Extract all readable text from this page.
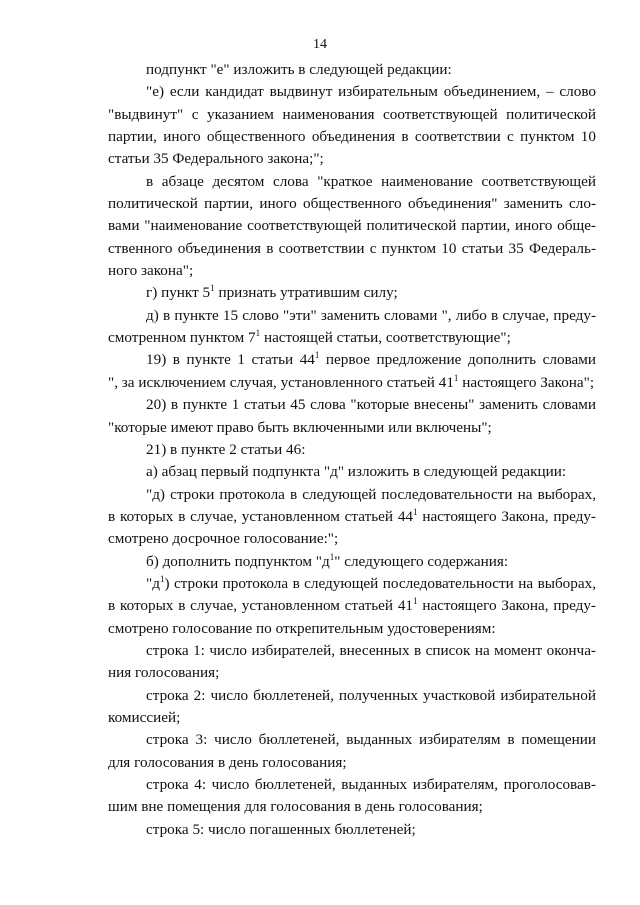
14

подпункт "е" изложить в следующей редакции:

"е) если кандидат выдвинут избирательным объединением, – слово
"выдвинут" с указанием наименования соответствующей политической
партии, иного общественного объединения в соответствии с пунктом 10
статьи 35 Федерального закона;";

в абзаце десятом слова "краткое наименование соответствующей
политической партии, иного общественного объединения" заменить сло-
вами "наименование соответствующей политической партии, иного обще-
ственного объединения в соответствии с пунктом 10 статьи 35 Федераль-
ного закона";

г) пункт $5^1$ признать утратившим силу;

д) в пункте 15 слово "эти" заменить словами ", либо в случае, преду-
смотренном пунктом $7^1$ настоящей статьи, соответствующие";

19) в пункте 1 статьи $44^1$ первое предложение дополнить словами
", за исключением случая, установленного статьей $41^1$ настоящего Закона";

20) в пункте 1 статьи 45 слова "которые внесены" заменить словами
"которые имеют право быть включенными или включены";

21) в пункте 2 статьи 46:

а) абзац первый подпункта "д" изложить в следующей редакции:

"д) строки протокола в следующей последовательности на выборах,
в которых в случае, установленном статьей $44^1$ настоящего Закона, преду-
смотрено досрочное голосование:";

б) дополнить подпунктом "$д^1$" следующего содержания:

"$д^1$) строки протокола в следующей последовательности на выборах,
в которых в случае, установленном статьей $41^1$ настоящего Закона, преду-
смотрено голосование по открепительным удостоверениям:

строка 1: число избирателей, внесенных в список на момент оконча-
ния голосования;

строка 2: число бюллетеней, полученных участковой избирательной
комиссией;

строка 3: число бюллетеней, выданных избирателям в помещении
для голосования в день голосования;

строка 4: число бюллетеней, выданных избирателям, проголосовав-
шим вне помещения для голосования в день голосования;

строка 5: число погашенных бюллетеней;
